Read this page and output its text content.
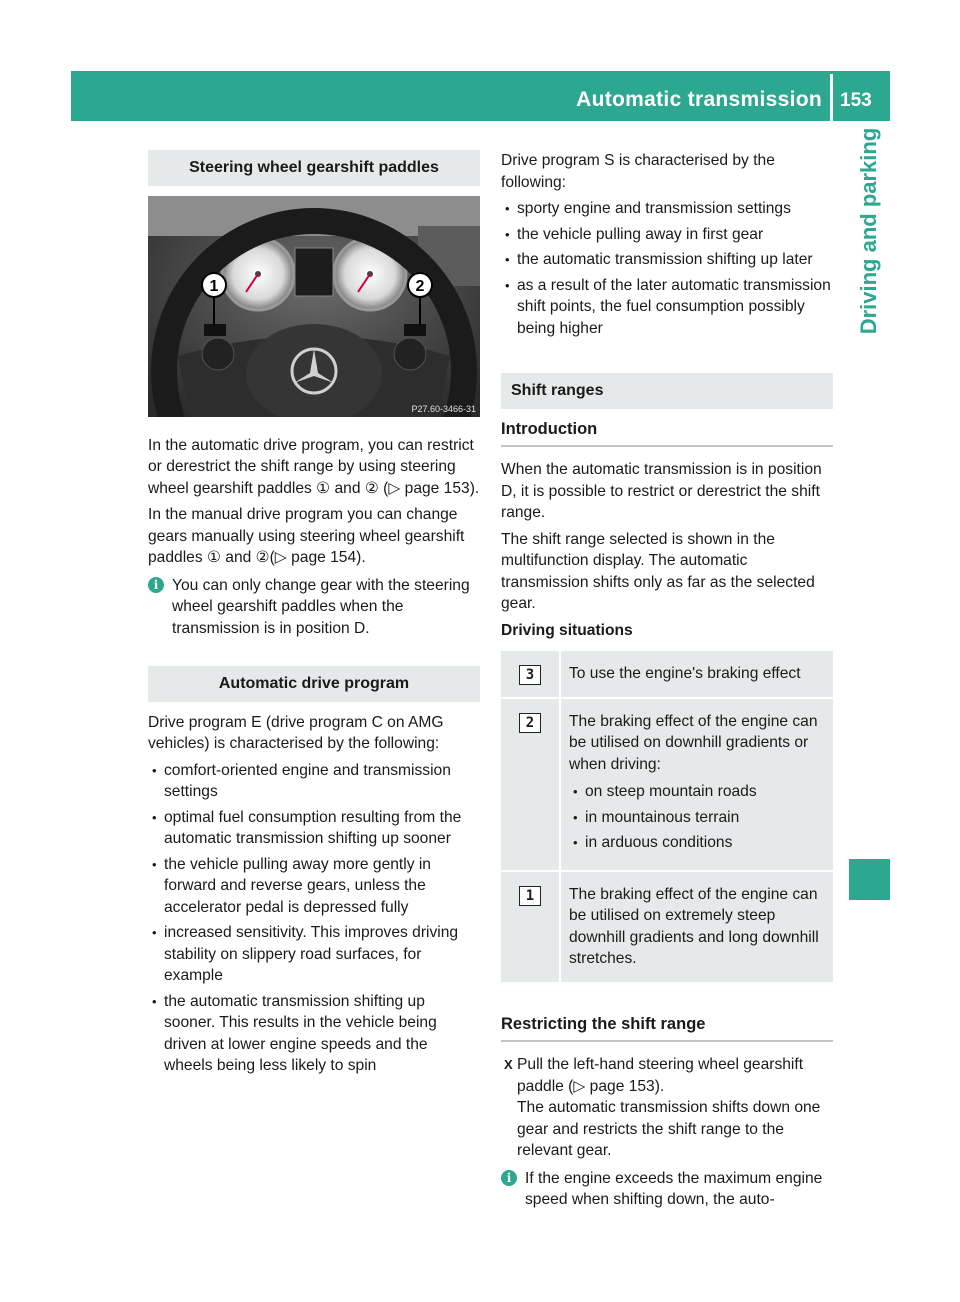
Automatic transmission 153
Driving and parking
Steering wheel gearshift paddles
1	2
P27.60-3466-31

In the automatic drive program, you can restrict or derestrict the shift range by using steering wheel gearshift paddles ① and ② (▷ page 153).

In the manual drive program you can change gears manually using steering wheel gearshift paddles ① and ②(▷ page 154).

i You can only change gear with the steering wheel gearshift paddles when the transmission is in position D.
Automatic drive program

Drive program E (drive program C on AMG vehicles) is characterised by the following:

• comfort-oriented engine and transmission settings
• optimal fuel consumption resulting from the automatic transmission shifting up sooner
• the vehicle pulling away more gently in forward and reverse gears, unless the accelerator pedal is depressed fully
• increased sensitivity. This improves driving stability on slippery road surfaces, for example
• the automatic transmission shifting up sooner. This results in the vehicle being driven at lower engine speeds and the wheels being less likely to spin

Drive program S is characterised by the following:

• sporty engine and transmission settings
• the vehicle pulling away in first gear
• the automatic transmission shifting up later
• as a result of the later automatic transmission shift points, the fuel consumption possibly being higher
Shift ranges
Introduction

When the automatic transmission is in position D, it is possible to restrict or derestrict the shift range.

The shift range selected is shown in the multifunction display. The automatic transmission shifts only as far as the selected gear.

Driving situations

3	To use the engine's braking effect
2	The braking effect of the engine can be utilised on downhill gradients or when driving:
• on steep mountain roads
• in mountainous terrain
• in arduous conditions
1	The braking effect of the engine can be utilised on extremely steep downhill gradients and long downhill stretches.
Restricting the shift range
X Pull the left-hand steering wheel gearshift paddle (▷ page 153).
The automatic transmission shifts down one gear and restricts the shift range to the relevant gear.
i If the engine exceeds the maximum engine speed when shifting down, the auto-
